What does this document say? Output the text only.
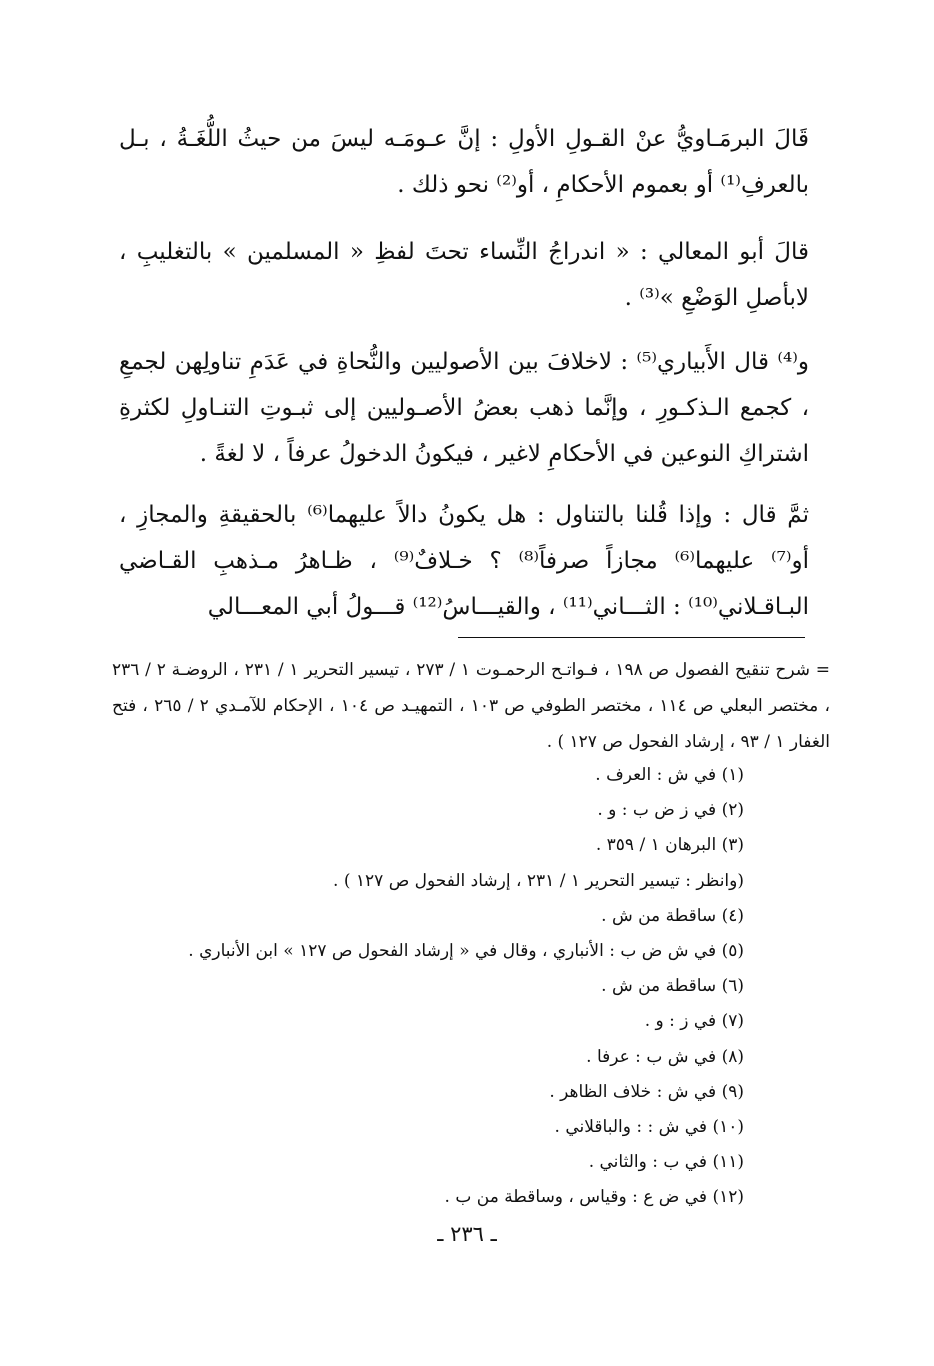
قَالَ البرمَـاويُّ عنْ القـولِ الأولِ : إنَّ عـومَـه ليسَ من حيثُ اللُّغَـةُ ، بـل بالعرفِ⁽¹⁾ أو بعموم الأحكامِ ، أو⁽²⁾ نحو ذلك .

قالَ أبو المعالي : « اندراجُ النِّساء تحتَ لفظِ « المسلمين » بالتغليبِ ، لابأصلِ الوَضْعِ »⁽³⁾ .

و⁽⁴⁾ قال الأَبياري⁽⁵⁾ : لاخلافَ بين الأصوليين والنُّحاةِ في عَدَمِ تناولِهن لجمعِ ، كجمع الـذكـورِ ، وإنَّما ذهب بعضُ الأصـوليين إلى ثبـوتِ التنـاولِ لكثرةِ اشتراكِ النوعين في الأحكامِ لاغير ، فيكونُ الدخولُ عرفاً ، لا لغةً .

ثمَّ قال : وإذا قُلنا بالتناول : هل يكونُ دالاً عليهما⁽⁶⁾ بالحقيقةِ والمجازِ ، أو⁽⁷⁾ عليهما⁽⁶⁾ مجازاً صرفاً⁽⁸⁾ ؟ خـلافٌ⁽⁹⁾ ، ظـاهرُ مـذهبِ القـاضي البـاقـلاني⁽¹⁰⁾ : الثـــاني⁽¹¹⁾ ، والقيـــاسُ⁽¹²⁾ قـــولُ أبي المعـــالي

= شرح تنقيح الفصول ص ١٩٨ ، فـواتـح الرحمـوت ١ / ٢٧٣ ، تيسير التحرير ١ / ٢٣١ ، الروضـة ٢ / ٢٣٦ ، مختصر البعلي ص ١١٤ ، مختصر الطوفي ص ١٠٣ ، التمهيـد ص ١٠٤ ، الإحكام للآمـدي ٢ / ٢٦٥ ، فتح الغفار ١ / ٩٣ ، إرشاد الفحول ص ١٢٧ ) .

(١) في ش : العرف .
(٢) في ز ض ب : و .
(٣) البرهان ١ / ٣٥٩ .
(وانظر : تيسير التحرير ١ / ٢٣١ ، إرشاد الفحول ص ١٢٧ ) .
(٤) ساقطة من ش .
(٥) في ش ض ب : الأنباري ، وقال في « إرشاد الفحول ص ١٢٧ » ابن الأنباري .
(٦) ساقطة من ش .
(٧) في ز : و .
(٨) في ش ب : عرفا .
(٩) في ش : خلاف الظاهر .
(١٠) في ش : : والباقلاني .
(١١) في ب : والثاني .
(١٢) في ض ع : وقياس ، وساقطة من ب .
ـ ٢٣٦ ـ
